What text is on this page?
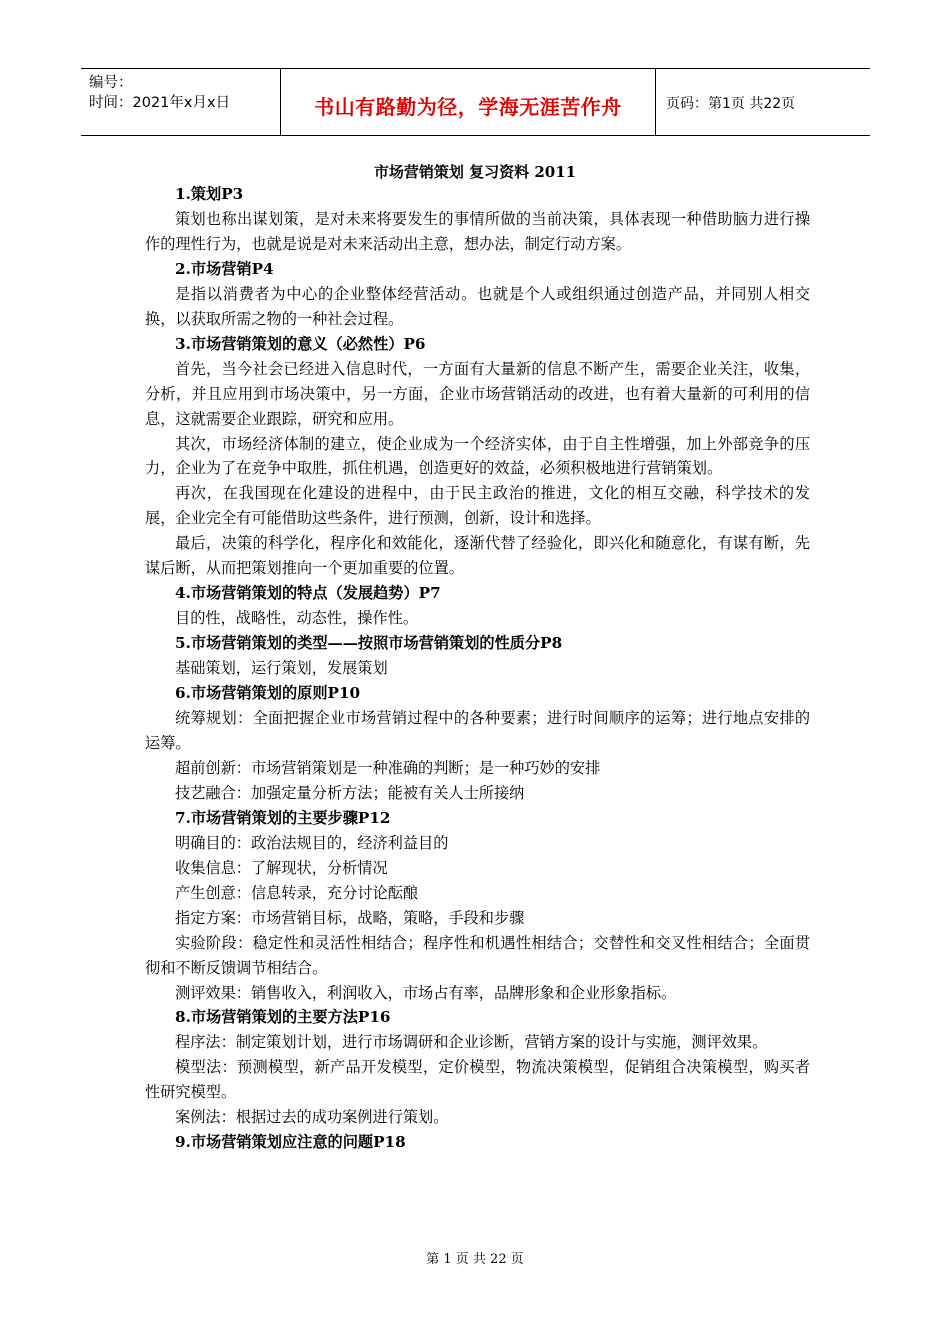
编号：
时间：2021年x月x日	书山有路勤为径，学海无涯苦作舟	页码：第1页 共22页
市场营销策划 复习资料 2011

1.策划P3

策划也称出谋划策，是对未来将要发生的事情所做的当前决策，具体表现一种借助脑力进行操作的理性行为，也就是说是对未来活动出主意，想办法，制定行动方案。

2.市场营销P4

是指以消费者为中心的企业整体经营活动。也就是个人或组织通过创造产品，并同别人相交换，以获取所需之物的一种社会过程。

3.市场营销策划的意义（必然性）P6

首先，当今社会已经进入信息时代，一方面有大量新的信息不断产生，需要企业关注，收集，分析，并且应用到市场决策中，另一方面，企业市场营销活动的改进，也有着大量新的可利用的信息，这就需要企业跟踪，研究和应用。

其次，市场经济体制的建立，使企业成为一个经济实体，由于自主性增强，加上外部竞争的压力，企业为了在竞争中取胜，抓住机遇，创造更好的效益，必须积极地进行营销策划。

再次，在我国现在化建设的进程中，由于民主政治的推进，文化的相互交融，科学技术的发展，企业完全有可能借助这些条件，进行预测，创新，设计和选择。

最后，决策的科学化，程序化和效能化，逐渐代替了经验化，即兴化和随意化，有谋有断，先谋后断，从而把策划推向一个更加重要的位置。

4.市场营销策划的特点（发展趋势）P7

目的性，战略性，动态性，操作性。

5.市场营销策划的类型——按照市场营销策划的性质分P8

基础策划，运行策划，发展策划

6.市场营销策划的原则P10

统筹规划：全面把握企业市场营销过程中的各种要素；进行时间顺序的运筹；进行地点安排的运筹。

超前创新：市场营销策划是一种准确的判断；是一种巧妙的安排

技艺融合：加强定量分析方法；能被有关人士所接纳

7.市场营销策划的主要步骤P12

明确目的：政治法规目的，经济利益目的

收集信息：了解现状，分析情况

产生创意：信息转录，充分讨论酝酿

指定方案：市场营销目标，战略，策略，手段和步骤

实验阶段：稳定性和灵活性相结合；程序性和机遇性相结合；交替性和交叉性相结合；全面贯彻和不断反馈调节相结合。

测评效果：销售收入，利润收入，市场占有率，品牌形象和企业形象指标。

8.市场营销策划的主要方法P16

程序法：制定策划计划，进行市场调研和企业诊断，营销方案的设计与实施，测评效果。

模型法：预测模型，新产品开发模型，定价模型，物流决策模型，促销组合决策模型，购买者性研究模型。

案例法：根据过去的成功案例进行策划。

9.市场营销策划应注意的问题P18

第 1 页 共 22 页
